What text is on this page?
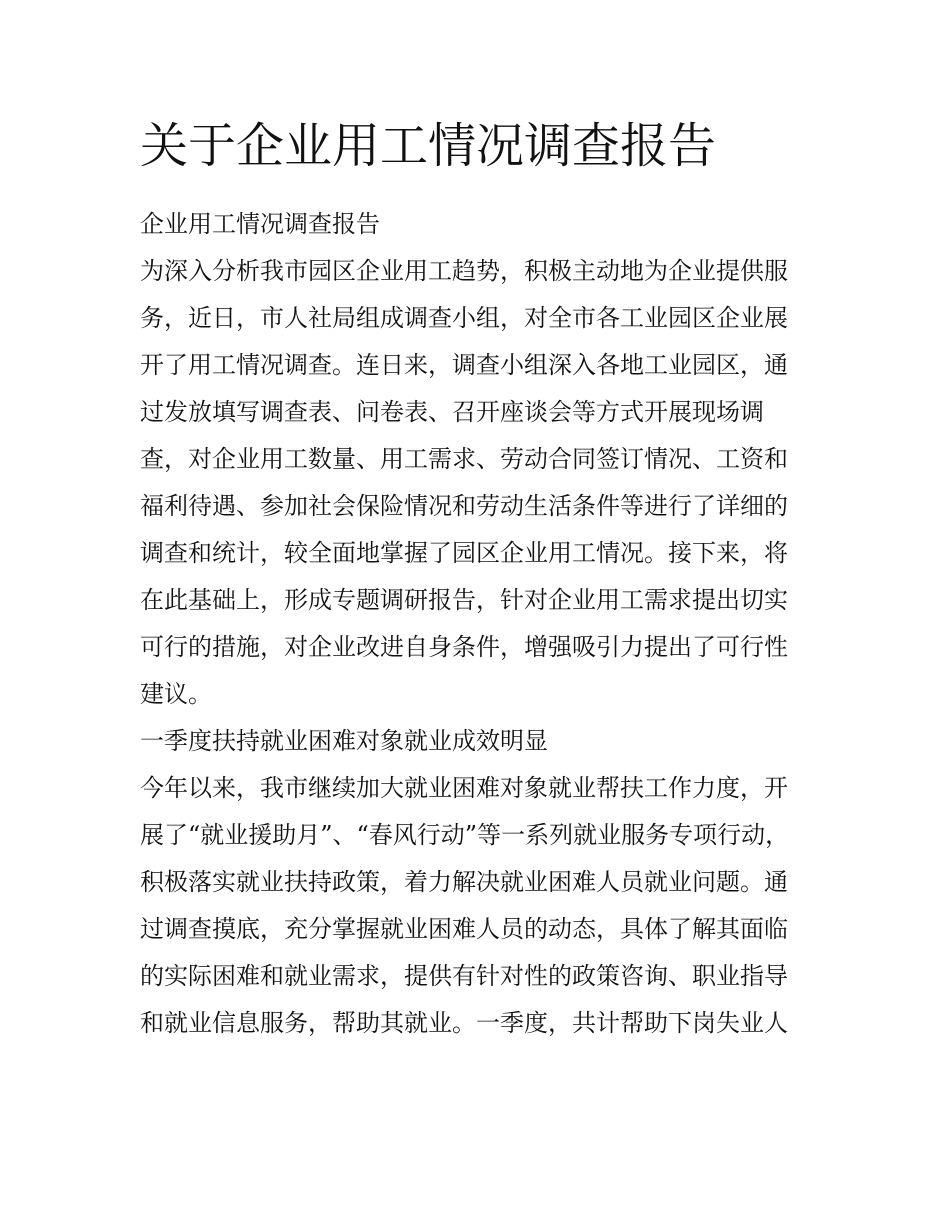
关于企业用工情况调查报告
企业用工情况调查报告
为深入分析我市园区企业用工趋势，积极主动地为企业提供服
务，近日，市人社局组成调查小组，对全市各工业园区企业展
开了用工情况调查。连日来，调查小组深入各地工业园区，通
过发放填写调查表、问卷表、召开座谈会等方式开展现场调
查，对企业用工数量、用工需求、劳动合同签订情况、工资和
福利待遇、参加社会保险情况和劳动生活条件等进行了详细的
调查和统计，较全面地掌握了园区企业用工情况。接下来，将
在此基础上，形成专题调研报告，针对企业用工需求提出切实
可行的措施，对企业改进自身条件，增强吸引力提出了可行性
建议。
一季度扶持就业困难对象就业成效明显
今年以来，我市继续加大就业困难对象就业帮扶工作力度，开
展了“就业援助月”、“春风行动”等一系列就业服务专项行动，
积极落实就业扶持政策，着力解决就业困难人员就业问题。通
过调查摸底，充分掌握就业困难人员的动态，具体了解其面临
的实际困难和就业需求，提供有针对性的政策咨询、职业指导
和就业信息服务，帮助其就业。一季度，共计帮助下岗失业人
